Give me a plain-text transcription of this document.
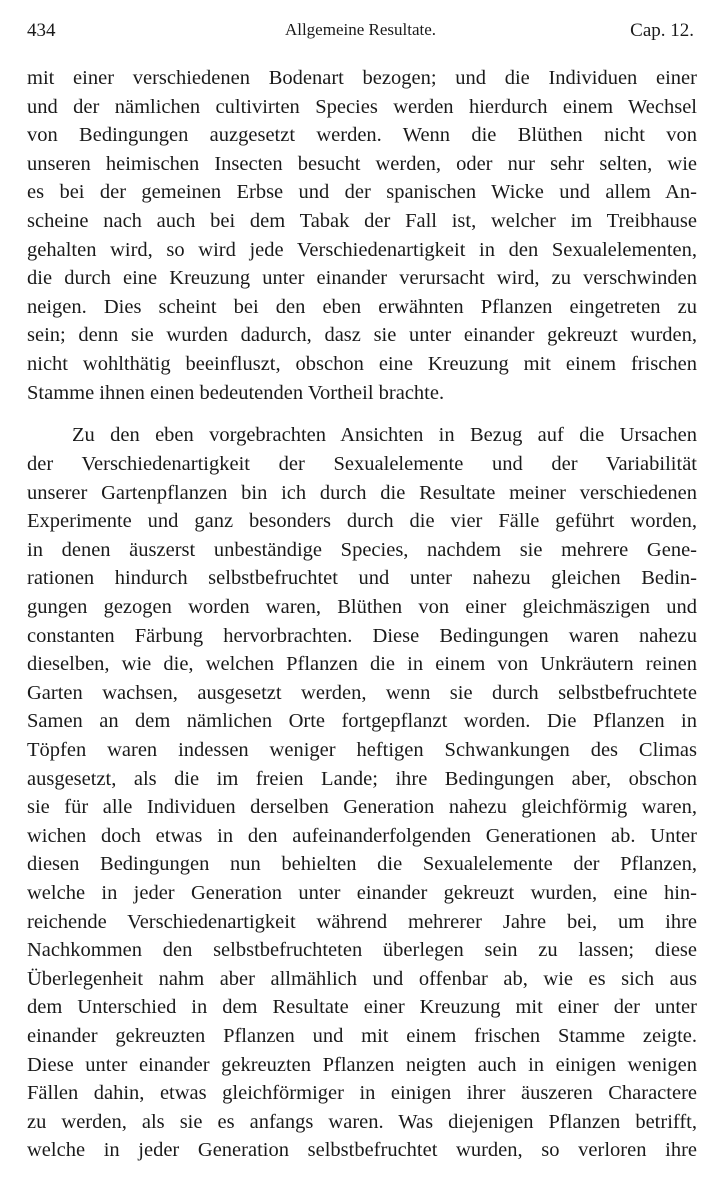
434	Allgemeine Resultate.	Cap. 12.
mit einer verschiedenen Bodenart bezogen; und die Individuen einer
und der nämlichen cultivirten Species werden hierdurch einem Wechsel
von Bedingungen auzgesetzt werden. Wenn die Blüthen nicht von
unseren heimischen Insecten besucht werden, oder nur sehr selten, wie
es bei der gemeinen Erbse und der spanischen Wicke und allem An-
scheine nach auch bei dem Tabak der Fall ist, welcher im Treibhause
gehalten wird, so wird jede Verschiedenartigkeit in den Sexualelementen,
die durch eine Kreuzung unter einander verursacht wird, zu verschwinden
neigen. Dies scheint bei den eben erwähnten Pflanzen eingetreten zu
sein; denn sie wurden dadurch, dasz sie unter einander gekreuzt wurden,
nicht wohlthätig beeinfluszt, obschon eine Kreuzung mit einem frischen
Stamme ihnen einen bedeutenden Vortheil brachte.
Zu den eben vorgebrachten Ansichten in Bezug auf die Ursachen
der Verschiedenartigkeit der Sexualelemente und der Variabilität
unserer Gartenpflanzen bin ich durch die Resultate meiner verschiedenen
Experimente und ganz besonders durch die vier Fälle geführt worden,
in denen äuszerst unbeständige Species, nachdem sie mehrere Gene-
rationen hindurch selbstbefruchtet und unter nahezu gleichen Bedin-
gungen gezogen worden waren, Blüthen von einer gleichmäszigen und
constanten Färbung hervorbrachten. Diese Bedingungen waren nahezu
dieselben, wie die, welchen Pflanzen die in einem von Unkräutern reinen
Garten wachsen, ausgesetzt werden, wenn sie durch selbstbefruchtete
Samen an dem nämlichen Orte fortgepflanzt worden. Die Pflanzen in
Töpfen waren indessen weniger heftigen Schwankungen des Climas
ausgesetzt, als die im freien Lande; ihre Bedingungen aber, obschon
sie für alle Individuen derselben Generation nahezu gleichförmig waren,
wichen doch etwas in den aufeinanderfolgenden Generationen ab. Unter
diesen Bedingungen nun behielten die Sexualelemente der Pflanzen,
welche in jeder Generation unter einander gekreuzt wurden, eine hin-
reichende Verschiedenartigkeit während mehrerer Jahre bei, um ihre
Nachkommen den selbstbefruchteten überlegen sein zu lassen; diese
Überlegenheit nahm aber allmählich und offenbar ab, wie es sich aus
dem Unterschied in dem Resultate einer Kreuzung mit einer der unter
einander gekreuzten Pflanzen und mit einem frischen Stamme zeigte.
Diese unter einander gekreuzten Pflanzen neigten auch in einigen wenigen
Fällen dahin, etwas gleichförmiger in einigen ihrer äuszeren Charactere
zu werden, als sie es anfangs waren. Was diejenigen Pflanzen betrifft,
welche in jeder Generation selbstbefruchtet wurden, so verloren ihre
